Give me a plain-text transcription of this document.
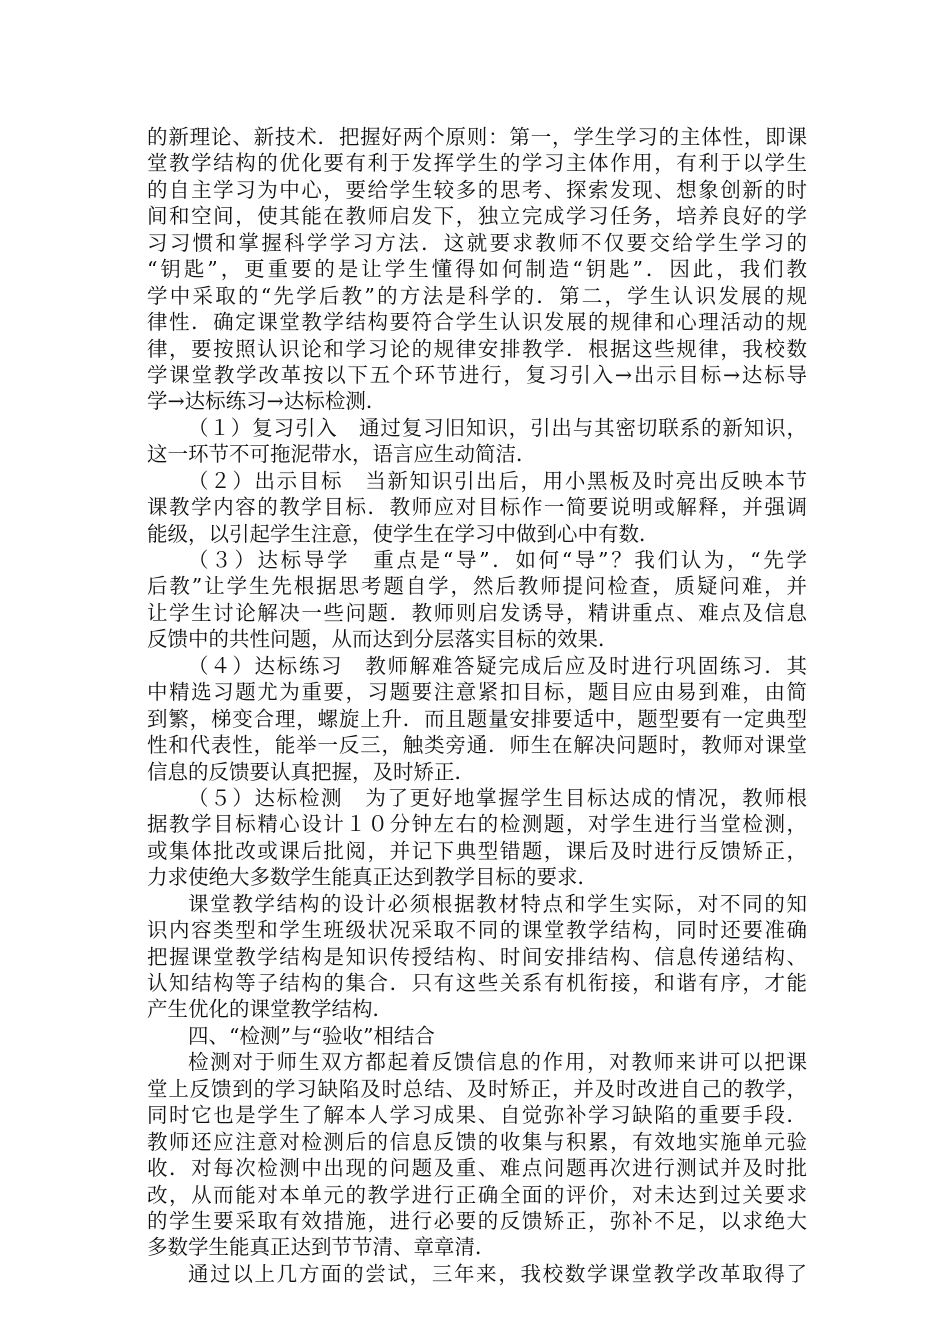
的新理论、新技术．把握好两个原则：第一，学生学习的主体性，即课
堂教学结构的优化要有利于发挥学生的学习主体作用，有利于以学生
的自主学习为中心，要给学生较多的思考、探索发现、想象创新的时
间和空间，使其能在教师启发下，独立完成学习任务，培养良好的学
习习惯和掌握科学学习方法．这就要求教师不仅要交给学生学习的
“钥匙”，更重要的是让学生懂得如何制造“钥匙”．因此，我们教
学中采取的“先学后教”的方法是科学的．第二，学生认识发展的规
律性．确定课堂教学结构要符合学生认识发展的规律和心理活动的规
律，要按照认识论和学习论的规律安排教学．根据这些规律，我校数
学课堂教学改革按以下五个环节进行，复习引入→出示目标→达标导
学→达标练习→达标检测．
（１）复习引入　通过复习旧知识，引出与其密切联系的新知识，
这一环节不可拖泥带水，语言应生动简洁．
（２）出示目标　当新知识引出后，用小黑板及时亮出反映本节
课教学内容的教学目标．教师应对目标作一简要说明或解释，并强调
能级，以引起学生注意，使学生在学习中做到心中有数．
（３）达标导学　重点是“导”．如何“导”？我们认为，“先学
后教”让学生先根据思考题自学，然后教师提问检查，质疑问难，并
让学生讨论解决一些问题．教师则启发诱导，精讲重点、难点及信息
反馈中的共性问题，从而达到分层落实目标的效果．
（４）达标练习　教师解难答疑完成后应及时进行巩固练习．其
中精选习题尤为重要，习题要注意紧扣目标，题目应由易到难，由简
到繁，梯变合理，螺旋上升．而且题量安排要适中，题型要有一定典型
性和代表性，能举一反三，触类旁通．师生在解决问题时，教师对课堂
信息的反馈要认真把握，及时矫正．
（５）达标检测　为了更好地掌握学生目标达成的情况，教师根
据教学目标精心设计１０分钟左右的检测题，对学生进行当堂检测，
或集体批改或课后批阅，并记下典型错题，课后及时进行反馈矫正，
力求使绝大多数学生能真正达到教学目标的要求．
课堂教学结构的设计必须根据教材特点和学生实际，对不同的知
识内容类型和学生班级状况采取不同的课堂教学结构，同时还要准确
把握课堂教学结构是知识传授结构、时间安排结构、信息传递结构、
认知结构等子结构的集合．只有这些关系有机衔接，和谐有序，才能
产生优化的课堂教学结构．
四、“检测”与“验收”相结合
检测对于师生双方都起着反馈信息的作用，对教师来讲可以把课
堂上反馈到的学习缺陷及时总结、及时矫正，并及时改进自己的教学，
同时它也是学生了解本人学习成果、自觉弥补学习缺陷的重要手段．
教师还应注意对检测后的信息反馈的收集与积累，有效地实施单元验
收．对每次检测中出现的问题及重、难点问题再次进行测试并及时批
改，从而能对本单元的教学进行正确全面的评价，对未达到过关要求
的学生要采取有效措施，进行必要的反馈矫正，弥补不足，以求绝大
多数学生能真正达到节节清、章章清．
通过以上几方面的尝试，三年来，我校数学课堂教学改革取得了
